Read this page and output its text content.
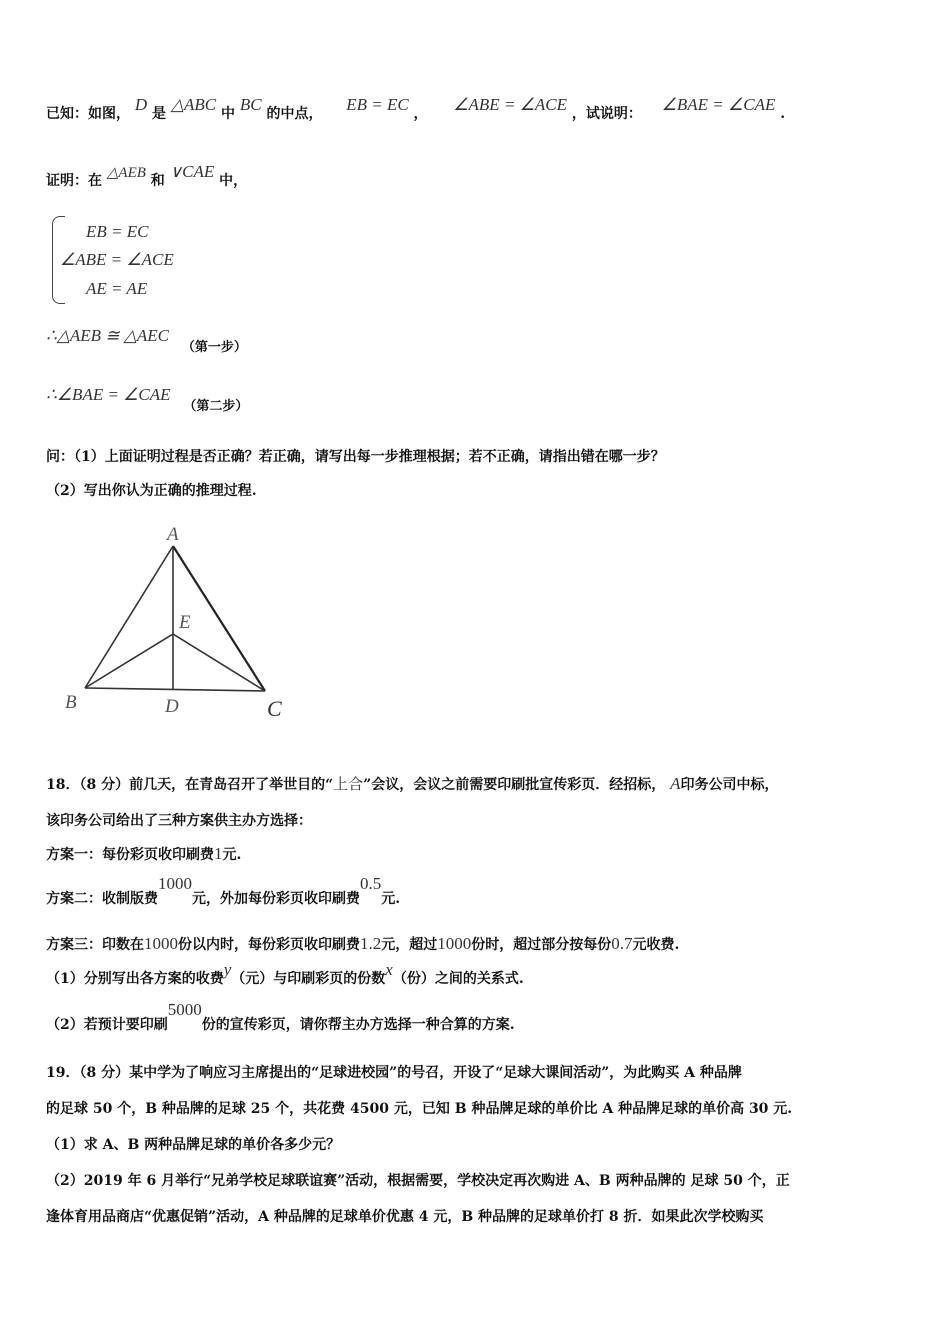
已知：如图， D 是 △ABC 中 BC 的中点， EB = EC ， ∠ABE = ∠ACE ，试说明： ∠BAE = ∠CAE .
证明：在 △AEB 和 ∨CAE 中，
EB = EC
∠ABE = ∠ACE
AE = AE
∴△AEB ≅ △AEC （第一步）
∴∠BAE = ∠CAE （第二步）
问：（1）上面证明过程是否正确？若正确，请写出每一步推理根据；若不正确，请指出错在哪一步？
（2）写出你认为正确的推理过程.
A
E
B	D	C
18．（8 分）前几天，在青岛召开了举世目的“上合”会议，会议之前需要印刷批宣传彩页．经招标， A印务公司中标，
该印务公司给出了三种方案供主办方选择：
方案一：每份彩页收印刷费1元.
方案二：收制版费1000元，外加每份彩页收印刷费0.5元.
方案三：印数在1000份以内时，每份彩页收印刷费1.2元，超过1000份时，超过部分按每份0.7元收费.
（1）分别写出各方案的收费y（元）与印刷彩页的份数x（份）之间的关系式.
（2）若预计要印刷5000份的宣传彩页，请你帮主办方选择一种合算的方案.
19．（8 分）某中学为了响应习主席提出的“足球进校园”的号召，开设了“足球大课间活动”，为此购买 A 种品牌
的足球 50 个，B 种品牌的足球 25 个，共花费 4500 元，已知 B 种品牌足球的单价比 A 种品牌足球的单价高 30 元.
（1）求 A、B 两种品牌足球的单价各多少元？
（2）2019 年 6 月举行“兄弟学校足球联谊赛”活动，根据需要，学校决定再次购进 A、B 两种品牌的 足球 50 个，正
逢体育用品商店“优惠促销”活动，A 种品牌的足球单价优惠 4 元，B 种品牌的足球单价打 8 折．如果此次学校购买
